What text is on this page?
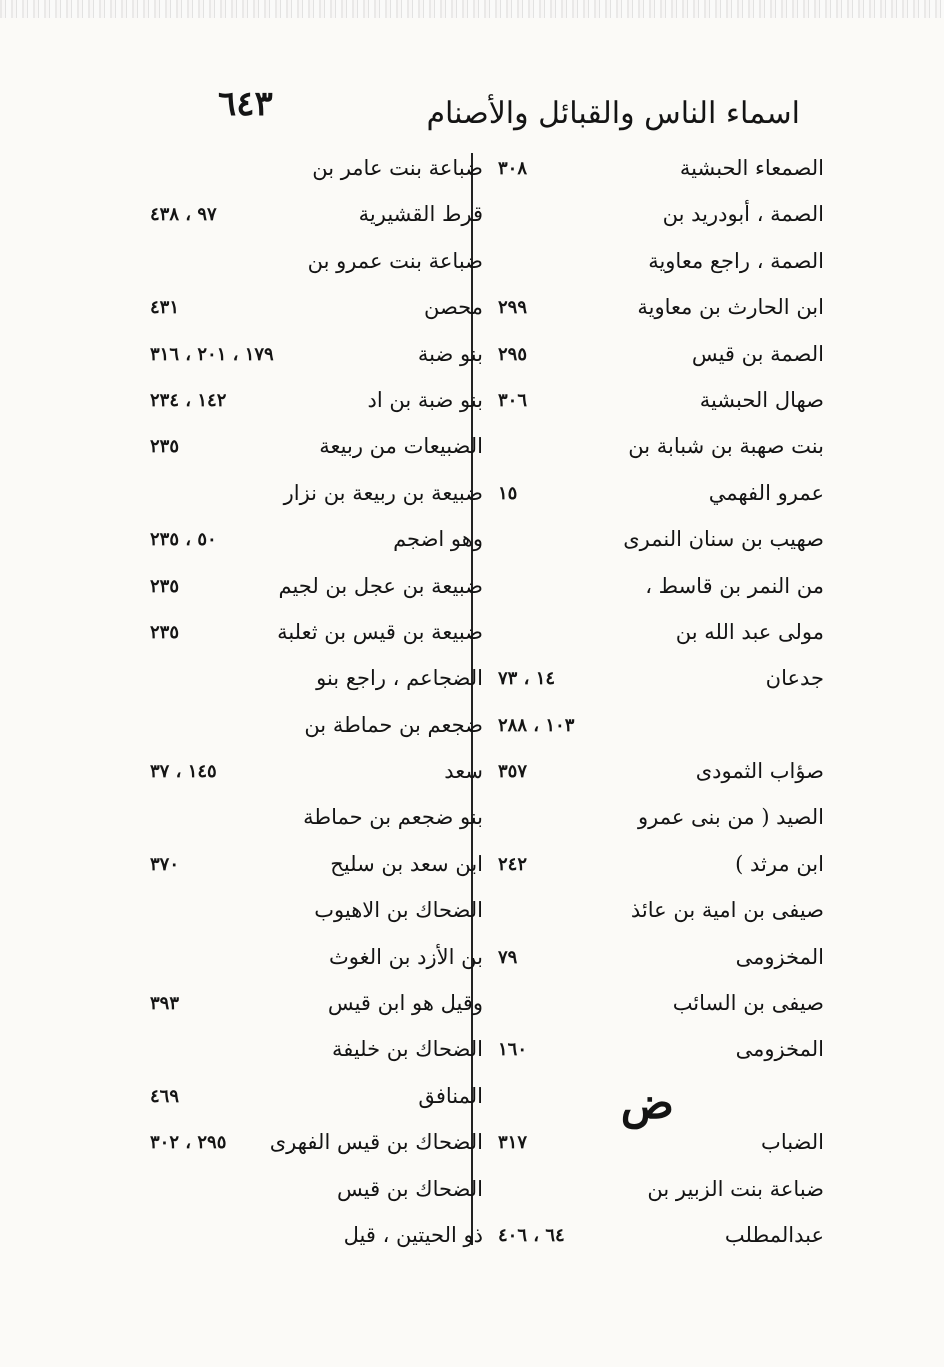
٦٤٣	اسماء الناس والقبائل والأصنام
الصمعاء الحبشية
٣٠٨
الصمة ، أبودريد بن
الصمة ، راجع معاوية
ابن الحارث بن معاوية
٢٩٩
الصمة بن قيس
٢٩٥
صهال الحبشية
٣٠٦
بنت صهبة بن شبابة بن
عمرو الفهمي
١٥
صهيب بن سنان النمرى
من النمر بن قاسط ،
مولى عبد الله بن
جدعان
١٤ ، ٧٣
١٠٣ ، ٢٨٨
صؤاب الثمودى
٣٥٧
الصيد ( من بنى عمرو
ابن مرثد )
٢٤٢
صيفى بن امية بن عائذ
المخزومى
٧٩
صيفى بن السائب
المخزومى
١٦٠
ض
الضباب
٣١٧
ضباعة بنت الزبير بن
عبدالمطلب
٦٤ ، ٤٠٦
ضباعة بنت عامر بن
قرط القشيرية
٩٧ ، ٤٣٨
ضباعة بنت عمرو بن
محصن
٤٣١
بنو ضبة
١٧٩ ، ٢٠١ ، ٣١٦
بنو ضبة بن اد
١٤٢ ، ٢٣٤
الضبيعات من ربيعة
٢٣٥
ضبيعة بن ربيعة بن نزار
وهو اضجم
٥٠ ، ٢٣٥
ضبيعة بن عجل بن لجيم
٢٣٥
ضبيعة بن قيس بن ثعلبة
٢٣٥
الضجاعم ، راجع بنو
ضجعم بن حماطة بن
سعد
١٤٥ ، ٣٧
بنو ضجعم بن حماطة
ابن سعد بن سليح
٣٧٠
الضحاك بن الاهيوب
بن الأزد بن الغوث
وقيل هو ابن قيس
٣٩٣
الضحاك بن خليفة
المنافق
٤٦٩
الضحاك بن قيس الفهرى
٢٩٥ ، ٣٠٢
الضحاك بن قيس
ذو الحيتين ، قيل
